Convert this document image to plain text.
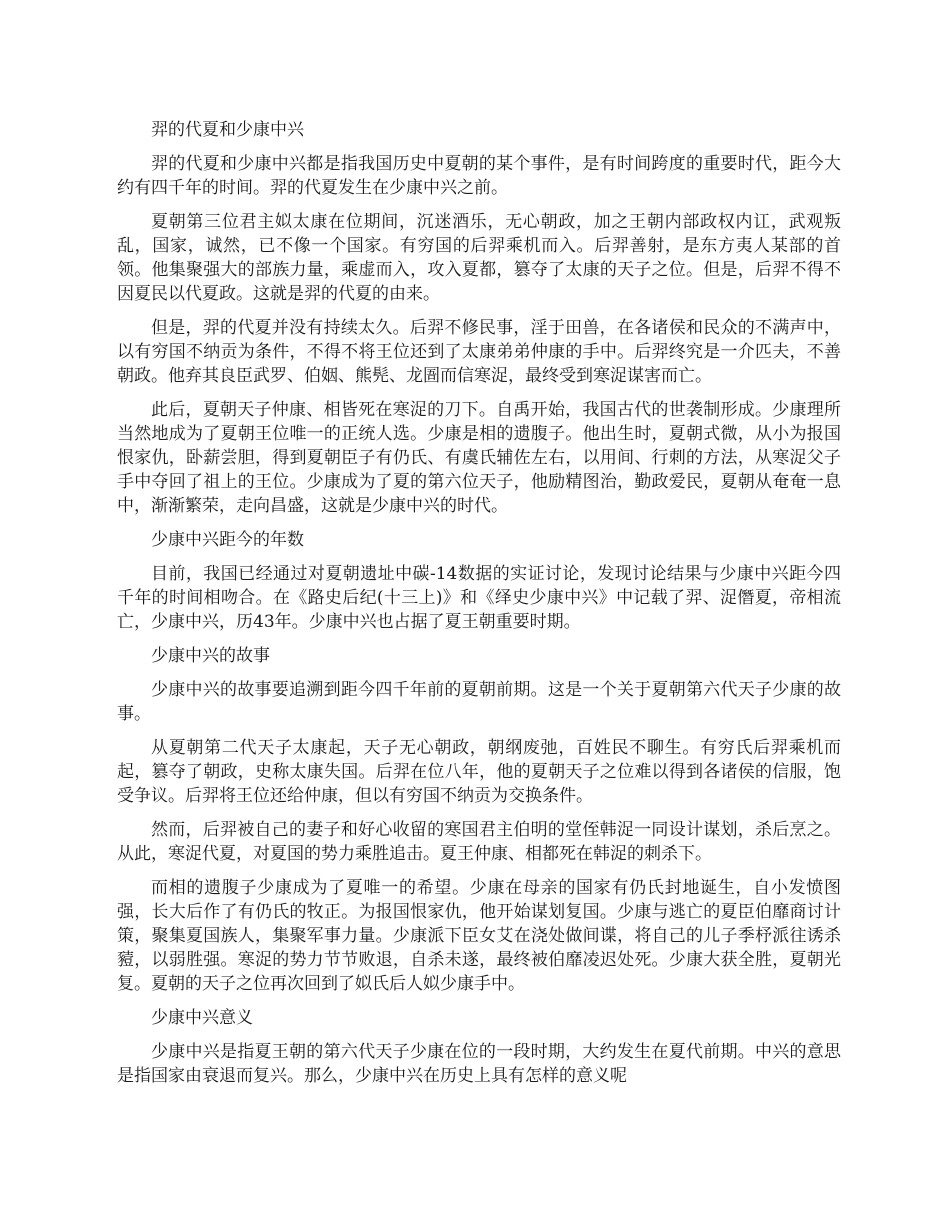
羿的代夏和少康中兴

羿的代夏和少康中兴都是指我国历史中夏朝的某个事件，是有时间跨度的重要时代，距今大约有四千年的时间。羿的代夏发生在少康中兴之前。

夏朝第三位君主姒太康在位期间，沉迷酒乐，无心朝政，加之王朝内部政权内讧，武观叛乱，国家，诚然，已不像一个国家。有穷国的后羿乘机而入。后羿善射，是东方夷人某部的首领。他集聚强大的部族力量，乘虚而入，攻入夏都，篡夺了太康的天子之位。但是，后羿不得不因夏民以代夏政。这就是羿的代夏的由来。

但是，羿的代夏并没有持续太久。后羿不修民事，淫于田兽，在各诸侯和民众的不满声中，以有穷国不纳贡为条件，不得不将王位还到了太康弟弟仲康的手中。后羿终究是一介匹夫，不善朝政。他弃其良臣武罗、伯姻、熊髡、龙圄而信寒浞，最终受到寒浞谋害而亡。

此后，夏朝天子仲康、相皆死在寒浞的刀下。自禹开始，我国古代的世袭制形成。少康理所当然地成为了夏朝王位唯一的正统人选。少康是相的遗腹子。他出生时，夏朝式微，从小为报国恨家仇，卧薪尝胆，得到夏朝臣子有仍氏、有虞氏辅佐左右，以用间、行刺的方法，从寒浞父子手中夺回了祖上的王位。少康成为了夏的第六位天子，他励精图治，勤政爱民，夏朝从奄奄一息中，渐渐繁荣，走向昌盛，这就是少康中兴的时代。

少康中兴距今的年数

目前，我国已经通过对夏朝遗址中碳-14数据的实证讨论，发现讨论结果与少康中兴距今四千年的时间相吻合。在《路史后纪(十三上)》和《绎史少康中兴》中记载了羿、浞僭夏，帝相流亡，少康中兴，历43年。少康中兴也占据了夏王朝重要时期。

少康中兴的故事

少康中兴的故事要追溯到距今四千年前的夏朝前期。这是一个关于夏朝第六代天子少康的故事。

从夏朝第二代天子太康起，天子无心朝政，朝纲废弛，百姓民不聊生。有穷氏后羿乘机而起，篡夺了朝政，史称太康失国。后羿在位八年，他的夏朝天子之位难以得到各诸侯的信服，饱受争议。后羿将王位还给仲康，但以有穷国不纳贡为交换条件。

然而，后羿被自己的妻子和好心收留的寒国君主伯明的堂侄韩浞一同设计谋划，杀后烹之。从此，寒浞代夏，对夏国的势力乘胜追击。夏王仲康、相都死在韩浞的刺杀下。

而相的遗腹子少康成为了夏唯一的希望。少康在母亲的国家有仍氏封地诞生，自小发愤图强，长大后作了有仍氏的牧正。为报国恨家仇，他开始谋划复国。少康与逃亡的夏臣伯靡商讨计策，聚集夏国族人，集聚军事力量。少康派下臣女艾在浇处做间谍，将自己的儿子季杼派往诱杀豷，以弱胜强。寒浞的势力节节败退，自杀未遂，最终被伯靡凌迟处死。少康大获全胜，夏朝光复。夏朝的天子之位再次回到了姒氏后人姒少康手中。

少康中兴意义

少康中兴是指夏王朝的第六代天子少康在位的一段时期，大约发生在夏代前期。中兴的意思是指国家由衰退而复兴。那么，少康中兴在历史上具有怎样的意义呢
